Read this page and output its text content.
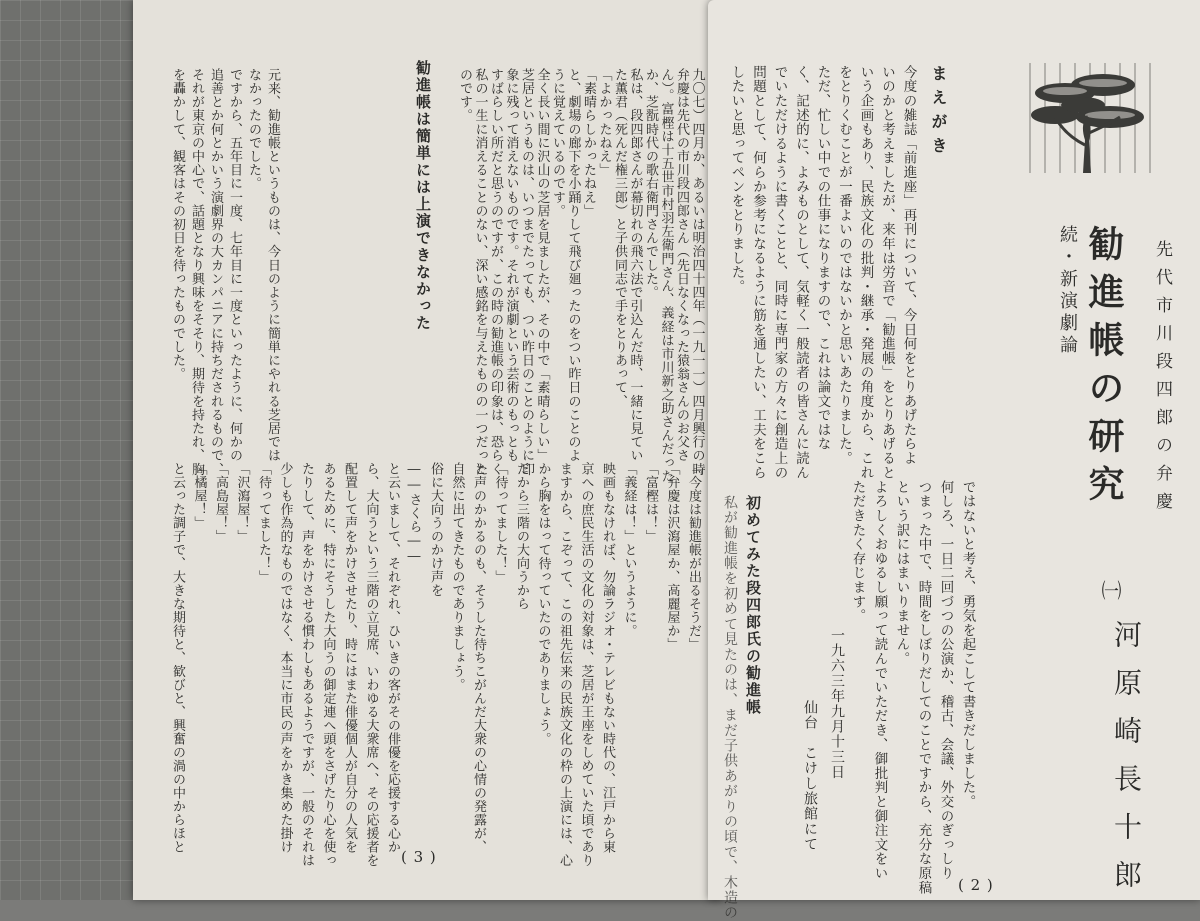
を轟かして、観客はその初日を待ったものでした。 それが東京の中心で、話題となり興味をそそり、期待を持たれ、胸 追善とか何とかいう演劇界の大カンパニアに持ちだされるもので、 ですから、五年目に一度、七年目に一度といったように、何かの なかったのでした。 元来、勧進帳というものは、今日のように簡単にやれる芝居では	のです。 私の一生に消えることのない、深い感銘を与えたものの一つだった すばらしい所だと思うのですが、この時の勧進帳の印象は、恐らく 象に残って消えないものです。それが演劇という芸術のもっとも 芝居というものは、いつまでたっても、つい昨日のことのように印 全く長い間に沢山の芝居を見ましたが、その中で「素晴らしい」 うに覚えているのです。 と、劇場の廊下を小踊りして飛び廻ったのをつい昨日のことのよ 「素晴らしかったねえ」 「よかったねえ」 た薫君（死んだ権三郎）と子供同志で手をとりあって、 私は、段四郎さんが幕切れの飛六法で引込んだ時、一緒に見てい か、芝翫時代の歌右衛門さんでした。 ん）。富樫は十五世市村羽左衛門さん、義経は市川新之助さんだった 弁慶は先代の市川段四郎さん（先日なくなった猿翁さんのお父さ 九〇七）四月か、あるいは明治四十四年（一九一一）四月興行の時
と云った調子で、大きな期待と、歓びと、興奮の渦の中からほと 「橘屋！」 「高島屋！」 「沢瀉屋！」 「待ってました！」 少しも作為的なものではなく、本当に市民の声をかき集めた掛け たりして、声をかけさせる慣わしもあるようですが、一般のそれは あるために、特にそうした大向うの御定連へ頭をさげたり心を使っ 配置して声をかけさせたり、時にはまた俳優個人が自分の人気を ら、大向うという三階の立見席、いわゆる大衆席へ、その応援者を と云いまして、それぞれ、ひいきの客がその俳優を応援する心か ――さくら―― 俗に大向うのかけ声を 自然に出てきたものでありましょう。 と声のかかるのも、そうした待ちこがんだ大衆の心情の発露が、 「待ってました！」 だから三階の大向うから から胸をはって待っていたのでありましょう。 ますから、こぞって、この祖先伝来の民族文化の枠の上演には、心 京への庶民生活の文化の対象は、芝居が王座をしめていた頃であり 映画もなければ、勿論ラジオ・テレビもない時代の、江戸から東 「義経は！」というように。 「富樫は！」 「弁慶は沢瀉屋か、高麗屋か」 「今度は勧進帳が出るそうだ」
勧進帳は簡単には上演できなかった
( 3 )
今度の雑誌「前進座」再刊について、今日何をとりあげたらよ
いのかと考えましたが、来年は労音で「勧進帳」をとりあげると
いう企画もあり、民族文化の批判・継承・発展の角度から、これ
をとりくむことが一番よいのではないかと思いあたりました。
ただ、忙しい中での仕事になりますので、これは論文ではな
く、記述的に、よみものとして、気軽く一般読者の皆さんに読ん
でいただけるように書くことと、同時に専門家の方々に創造上の
問題として、何らか参考になるように筋を通したい、工夫をこら
したいと思ってペンをとりました。
ではないと考え、勇気を起こして書きだしました。
何しろ、一日二回づつの公演か、稽古、会議、外交のぎっしり
つまった中で、時間をしぼりだしてのことですから、充分な原稿
という訳にはまいりません。
よろしくおゆるし願って読んでいただき、御批判と御注文をい
ただきたく存じます。
まえがき
続・新演劇論 勧進帳の研究
㈠
先代市川段四郎の弁慶
河原崎長十郎
一九六三年九月十三日
仙台　こけし旅館にて
初めてみた段四郎氏の勧進帳
私が勧進帳を初めて見たのは、まだ子供あがりの頃で、木造の	( 2 )
